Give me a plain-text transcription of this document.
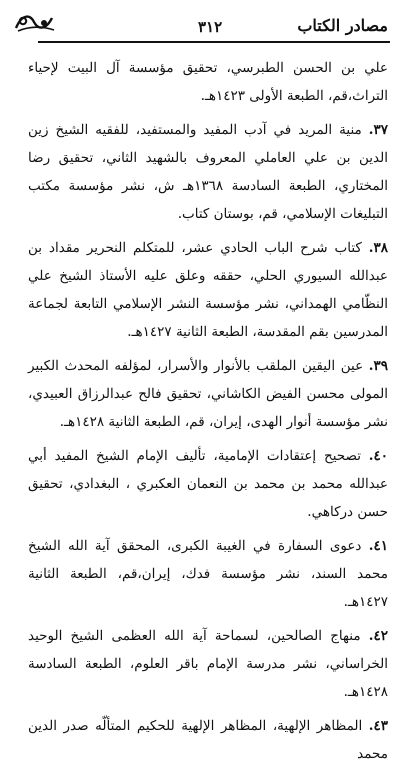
٣١٢	مصادر الكتاب

علي بن الحسن الطبرسي، تحقيق مؤسسة آل البيت لإحياء التراث،قم، الطبعة الأولى ١٤٢٣هـ.

٣٧. منية المريد في آدب المفيد والمستفيد، للفقيه الشيخ زين الدين بن علي العاملي المعروف بالشهيد الثاني، تحقيق رضا المختاري، الطبعة السادسة ١٣٦٨هـ ش، نشر مؤسسة مكتب التبليغات الإسلامي، قم، بوستان كتاب.

٣٨. كتاب شرح الباب الحادي عشر، للمتكلم النحرير مقداد بن عبدالله السيوري الحلي، حققه وعلق عليه الأستاذ الشيخ علي النظّامي الهمداني، نشر مؤسسة النشر الإسلامي التابعة لجماعة المدرسين بقم المقدسة، الطبعة الثانية ١٤٢٧هـ.

٣٩. عين اليقين الملقب بالأنوار والأسرار، لمؤلفه المحدث الكبير المولى محسن الفيض الكاشاني، تحقيق فالح عبدالرزاق العبيدي، نشر مؤسسة أنوار الهدى، إيران، قم، الطبعة الثانية ١٤٢٨هـ.

٤٠. تصحيح إعتقادات الإمامية، تأليف الإمام الشيخ المفيد أبي عبدالله محمد بن محمد بن النعمان العكبري ، البغدادي، تحقيق حسن دركاهي.

٤١. دعوى السفارة في الغيبة الكبرى، المحقق آية الله الشيخ محمد السند، نشر مؤسسة فدك، إيران،قم، الطبعة الثانية ١٤٢٧هـ.

٤٢. منهاج الصالحين، لسماحة آية الله العظمى الشيخ الوحيد الخراساني، نشر مدرسة الإمام باقر العلوم، الطبعة السادسة ١٤٢٨هـ.

٤٣. المظاهر الإلهية، المظاهر الإلهية للحكيم المتألّه صدر الدين محمد
